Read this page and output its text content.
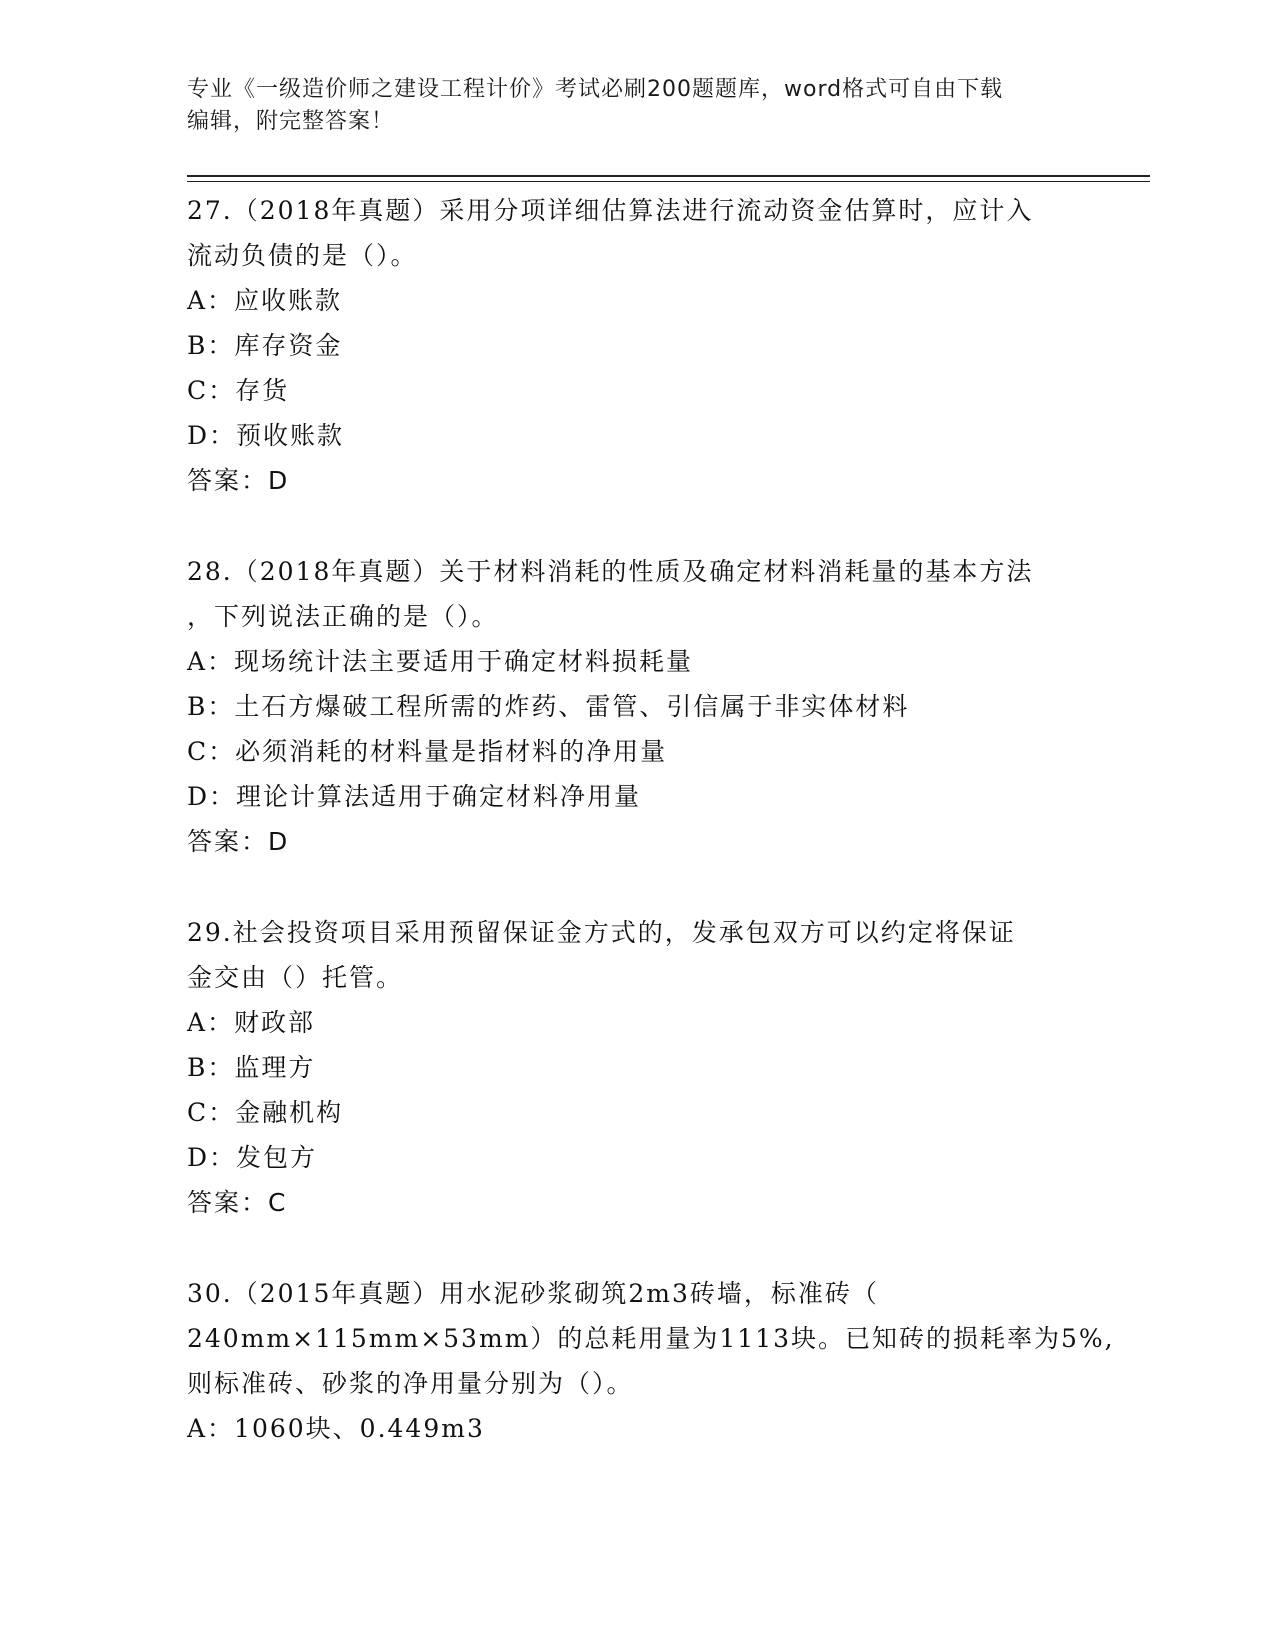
专业《一级造价师之建设工程计价》考试必刷200题题库，word格式可自由下载
编辑，附完整答案！
27.（2018年真题）采用分项详细估算法进行流动资金估算时，应计入
流动负债的是（）。
A：应收账款
B：库存资金
C：存货
D：预收账款
答案：D
28.（2018年真题）关于材料消耗的性质及确定材料消耗量的基本方法
，下列说法正确的是（）。
A：现场统计法主要适用于确定材料损耗量
B：土石方爆破工程所需的炸药、雷管、引信属于非实体材料
C：必须消耗的材料量是指材料的净用量
D：理论计算法适用于确定材料净用量
答案：D
29.社会投资项目采用预留保证金方式的，发承包双方可以约定将保证
金交由（）托管。
A：财政部
B：监理方
C：金融机构
D：发包方
答案：C
30.（2015年真题）用水泥砂浆砌筑2m3砖墙，标准砖（
240mm×115mm×53mm）的总耗用量为1113块。已知砖的损耗率为5%,
则标准砖、砂浆的净用量分别为（）。
A：1060块、0.449m3
